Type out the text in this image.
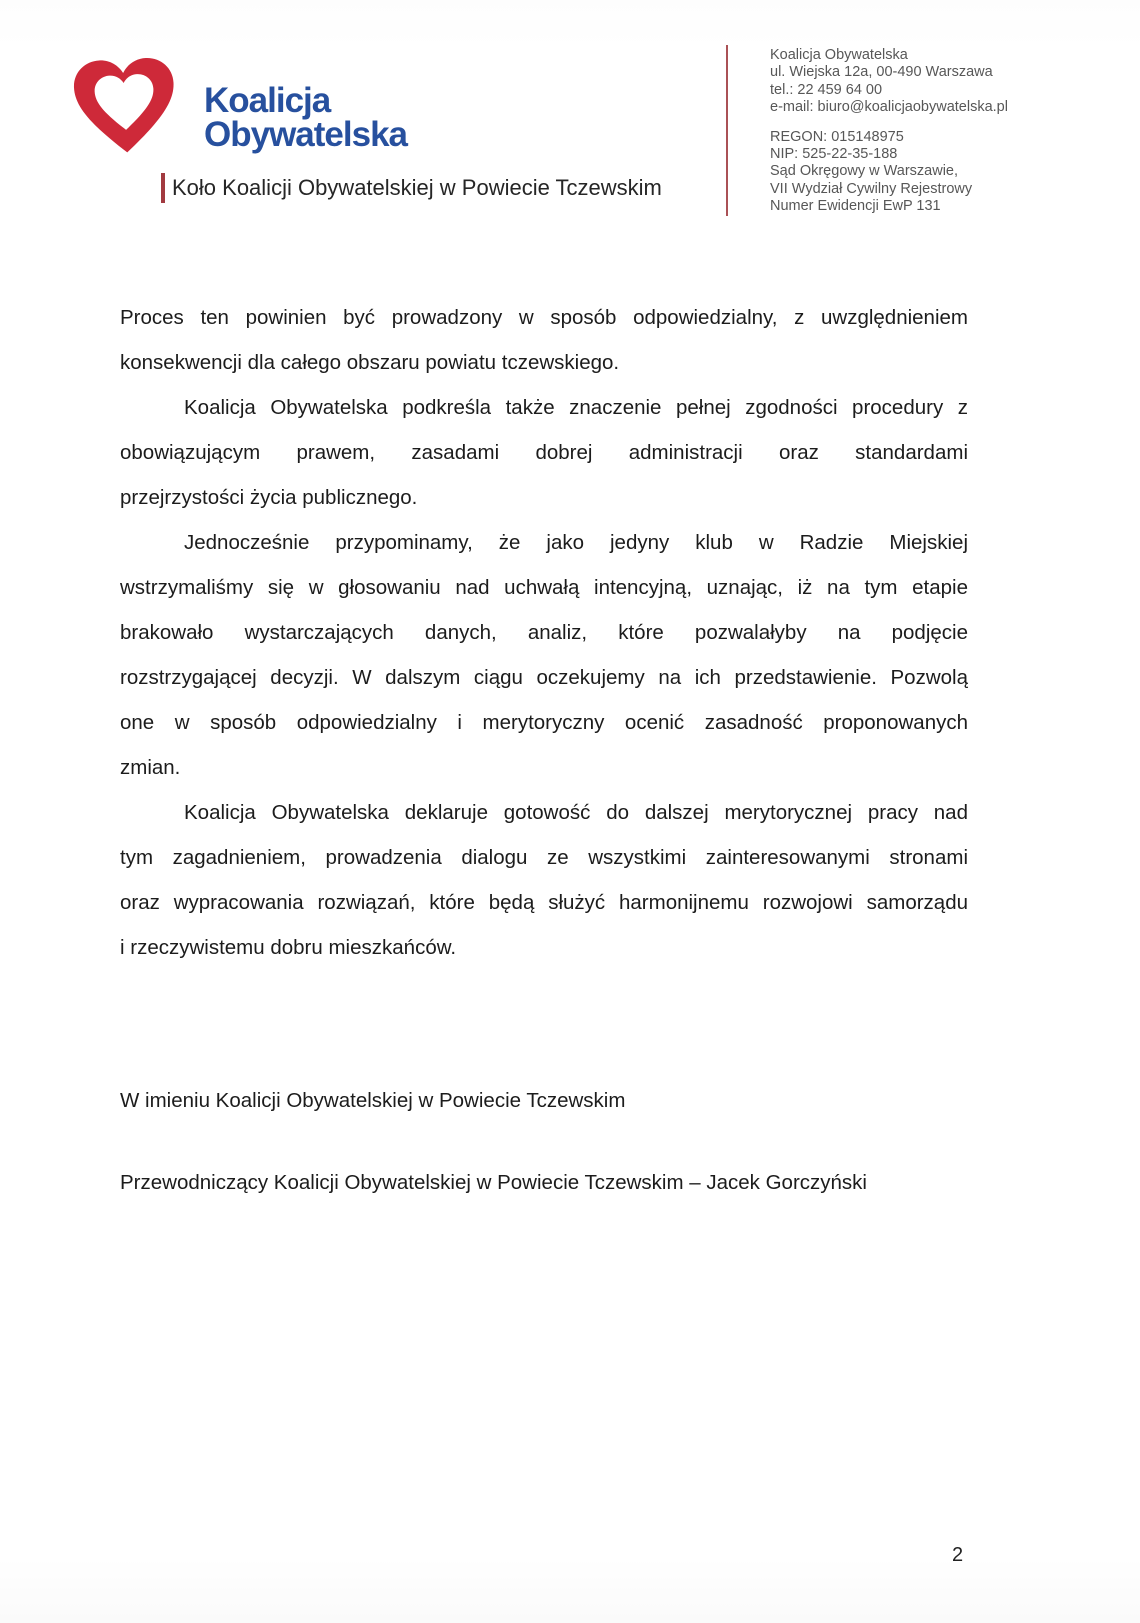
Koalicja
Obywatelska
Koło Koalicji Obywatelskiej w Powiecie Tczewskim
Koalicja Obywatelska
ul. Wiejska 12a, 00-490 Warszawa
tel.: 22 459 64 00
e-mail: biuro@koalicjaobywatelska.pl
REGON: 015148975
NIP: 525-22-35-188
Sąd Okręgowy w Warszawie,
VII Wydział Cywilny Rejestrowy
Numer Ewidencji EwP 131
Proces ten powinien być prowadzony w sposób odpowiedzialny, z uwzględnieniem
konsekwencji dla całego obszaru powiatu tczewskiego.
Koalicja Obywatelska podkreśla także znaczenie pełnej zgodności procedury z
obowiązującym prawem, zasadami dobrej administracji oraz standardami
przejrzystości życia publicznego.
Jednocześnie przypominamy, że jako jedyny klub w Radzie Miejskiej
wstrzymaliśmy się w głosowaniu nad uchwałą intencyjną, uznając, iż na tym etapie
brakowało wystarczających danych, analiz, które pozwalałyby na podjęcie
rozstrzygającej decyzji. W dalszym ciągu oczekujemy na ich przedstawienie. Pozwolą
one w sposób odpowiedzialny i merytoryczny ocenić zasadność proponowanych
zmian.
Koalicja Obywatelska deklaruje gotowość do dalszej merytorycznej pracy nad
tym zagadnieniem, prowadzenia dialogu ze wszystkimi zainteresowanymi stronami
oraz wypracowania rozwiązań, które będą służyć harmonijnemu rozwojowi samorządu
i rzeczywistemu dobru mieszkańców.
W imieniu Koalicji Obywatelskiej w Powiecie Tczewskim
Przewodniczący Koalicji Obywatelskiej w Powiecie Tczewskim – Jacek Gorczyński
2
